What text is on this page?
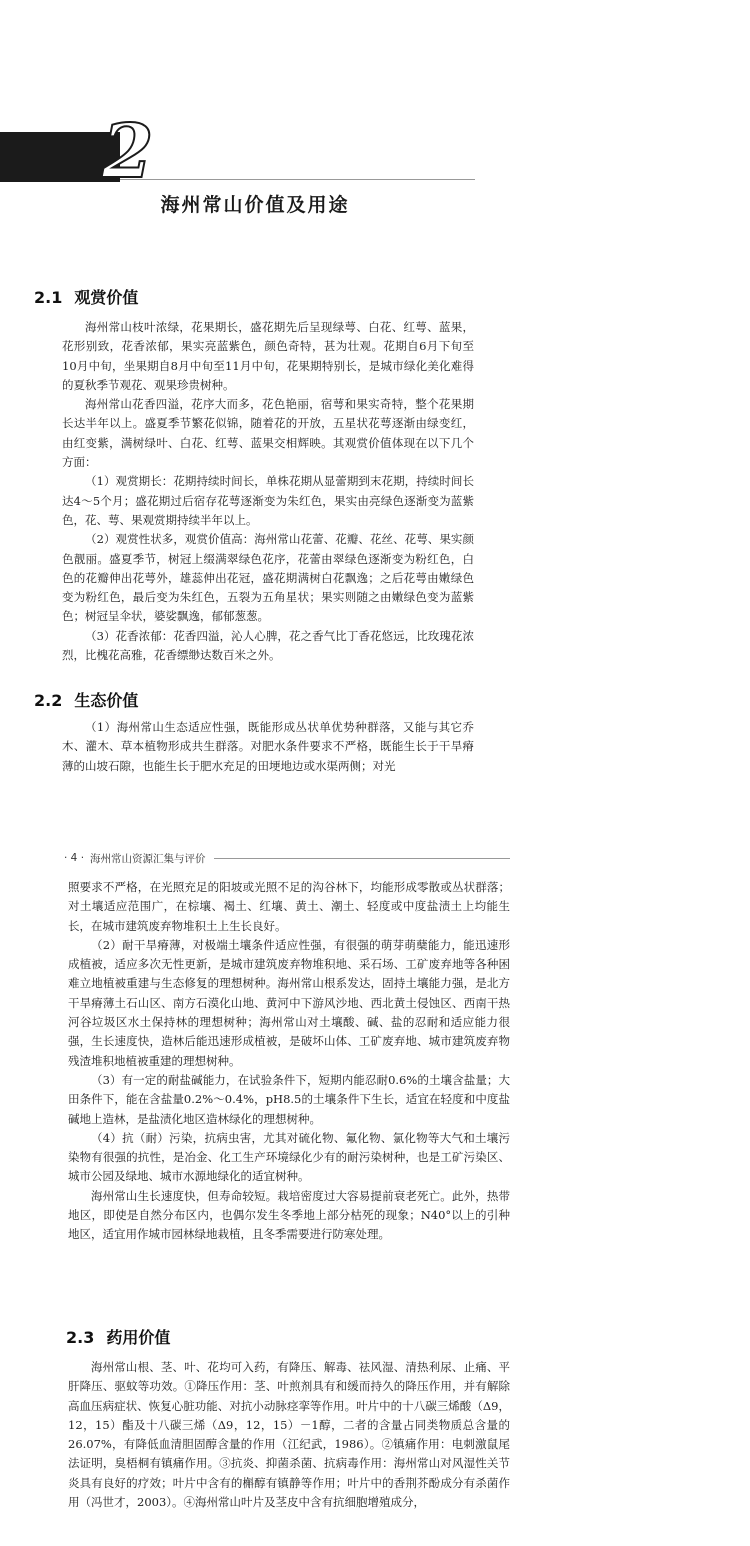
2
海州常山价值及用途
2.1 观赏价值

海州常山枝叶浓绿，花果期长，盛花期先后呈现绿萼、白花、红萼、蓝果，花形别致，花香浓郁，果实亮蓝紫色，颜色奇特，甚为壮观。花期自6月下旬至10月中旬，坐果期自8月中旬至11月中旬，花果期特别长，是城市绿化美化难得的夏秋季节观花、观果珍贵树种。

海州常山花香四溢，花序大而多，花色艳丽，宿萼和果实奇特，整个花果期长达半年以上。盛夏季节繁花似锦，随着花的开放，五星状花萼逐渐由绿变红，由红变紫，满树绿叶、白花、红萼、蓝果交相辉映。其观赏价值体现在以下几个方面：

（1）观赏期长：花期持续时间长，单株花期从显蕾期到末花期，持续时间长达4～5个月；盛花期过后宿存花萼逐渐变为朱红色，果实由亮绿色逐渐变为蓝紫色，花、萼、果观赏期持续半年以上。

（2）观赏性状多，观赏价值高：海州常山花蕾、花瓣、花丝、花萼、果实颜色靓丽。盛夏季节，树冠上缀满翠绿色花序，花蕾由翠绿色逐渐变为粉红色，白色的花瓣伸出花萼外，雄蕊伸出花冠，盛花期满树白花飘逸；之后花萼由嫩绿色变为粉红色，最后变为朱红色，五裂为五角星状；果实则随之由嫩绿色变为蓝紫色；树冠呈伞状，婆娑飘逸，郁郁葱葱。

（3）花香浓郁：花香四溢，沁人心脾，花之香气比丁香花悠远，比玫瑰花浓烈，比槐花高雅，花香缥缈达数百米之外。

2.2 生态价值

（1）海州常山生态适应性强，既能形成丛状单优势种群落，又能与其它乔木、灌木、草本植物形成共生群落。对肥水条件要求不严格，既能生长于干旱瘠薄的山坡石隙，也能生长于肥水充足的田埂地边或水渠两侧；对光

· 4 · 海州常山资源汇集与评价

照要求不严格，在光照充足的阳坡或光照不足的沟谷林下，均能形成零散或丛状群落；对土壤适应范围广，在棕壤、褐土、红壤、黄土、潮土、轻度或中度盐渍土上均能生长，在城市建筑废弃物堆积土上生长良好。

（2）耐干旱瘠薄，对极端土壤条件适应性强，有很强的萌芽萌蘖能力，能迅速形成植被，适应多次无性更新，是城市建筑废弃物堆积地、采石场、工矿废弃地等各种困难立地植被重建与生态修复的理想树种。海州常山根系发达，固持土壤能力强，是北方干旱瘠薄土石山区、南方石漠化山地、黄河中下游风沙地、西北黄土侵蚀区、西南干热河谷垃圾区水土保持林的理想树种；海州常山对土壤酸、碱、盐的忍耐和适应能力很强，生长速度快，造林后能迅速形成植被，是破坏山体、工矿废弃地、城市建筑废弃物残渣堆积地植被重建的理想树种。

（3）有一定的耐盐碱能力，在试验条件下，短期内能忍耐0.6%的土壤含盐量；大田条件下，能在含盐量0.2%～0.4%，pH8.5的土壤条件下生长，适宜在轻度和中度盐碱地上造林，是盐渍化地区造林绿化的理想树种。

（4）抗（耐）污染，抗病虫害，尤其对硫化物、氟化物、氯化物等大气和土壤污染物有很强的抗性，是冶金、化工生产环境绿化少有的耐污染树种，也是工矿污染区、城市公园及绿地、城市水源地绿化的适宜树种。

海州常山生长速度快，但寿命较短。栽培密度过大容易提前衰老死亡。此外，热带地区，即使是自然分布区内，也偶尔发生冬季地上部分枯死的现象；N40°以上的引种地区，适宜用作城市园林绿地栽植，且冬季需要进行防寒处理。

2.3 药用价值

海州常山根、茎、叶、花均可入药，有降压、解毒、祛风湿、清热利尿、止痛、平肝降压、驱蚊等功效。①降压作用：茎、叶煎剂具有和缓而持久的降压作用，并有解除高血压病症状、恢复心脏功能、对抗小动脉痉挛等作用。叶片中的十八碳三烯酸（Δ9，12，15）酯及十八碳三烯（Δ9，12，15）－1醇，二者的含量占同类物质总含量的26.07%，有降低血清胆固醇含量的作用（江纪武，1986）。②镇痛作用：电刺激鼠尾法证明，臭梧桐有镇痛作用。③抗炎、抑菌杀菌、抗病毒作用：海州常山对风湿性关节炎具有良好的疗效；叶片中含有的槲醇有镇静等作用；叶片中的香荆芥酚成分有杀菌作用（冯世才，2003）。④海州常山叶片及茎皮中含有抗细胞增殖成分，
